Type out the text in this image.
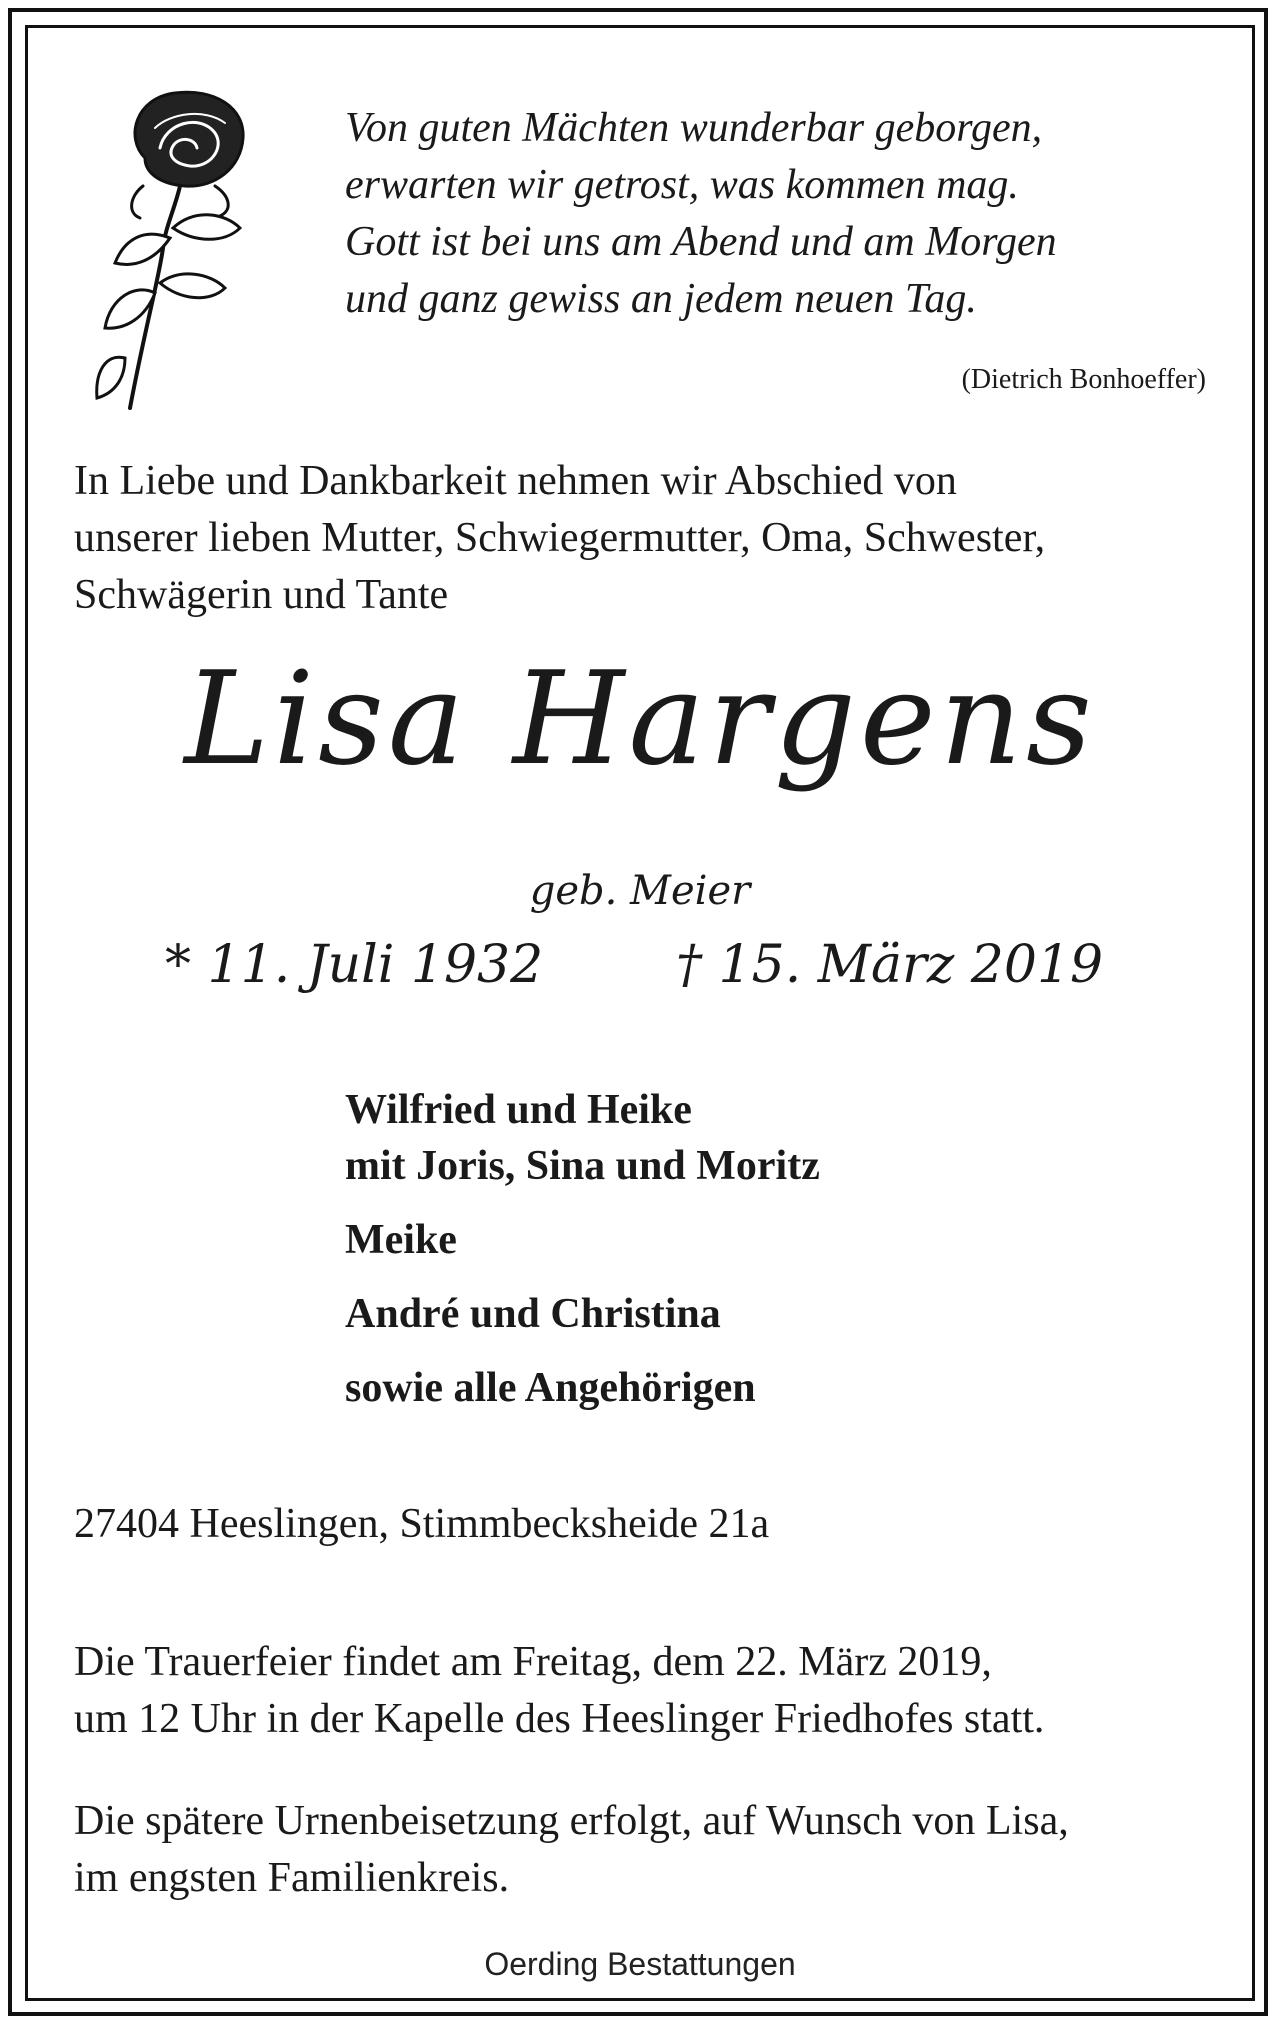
Von guten Mächten wunderbar geborgen,
erwarten wir getrost, was kommen mag.
Gott ist bei uns am Abend und am Morgen
und ganz gewiss an jedem neuen Tag.
(Dietrich Bonhoeffer)
In Liebe und Dankbarkeit nehmen wir Abschied von
unserer lieben Mutter, Schwiegermutter, Oma, Schwester,
Schwägerin und Tante
Lisa Hargens
geb. Meier
* 11. Juli 1932	† 15. März 2019
Wilfried und Heike
mit Joris, Sina und Moritz
Meike
André und Christina
sowie alle Angehörigen
27404 Heeslingen, Stimmbecksheide 21a
Die Trauerfeier findet am Freitag, dem 22. März 2019,
um 12 Uhr in der Kapelle des Heeslinger Friedhofes statt.
Die spätere Urnenbeisetzung erfolgt, auf Wunsch von Lisa,
im engsten Familienkreis.
Oerding Bestattungen
